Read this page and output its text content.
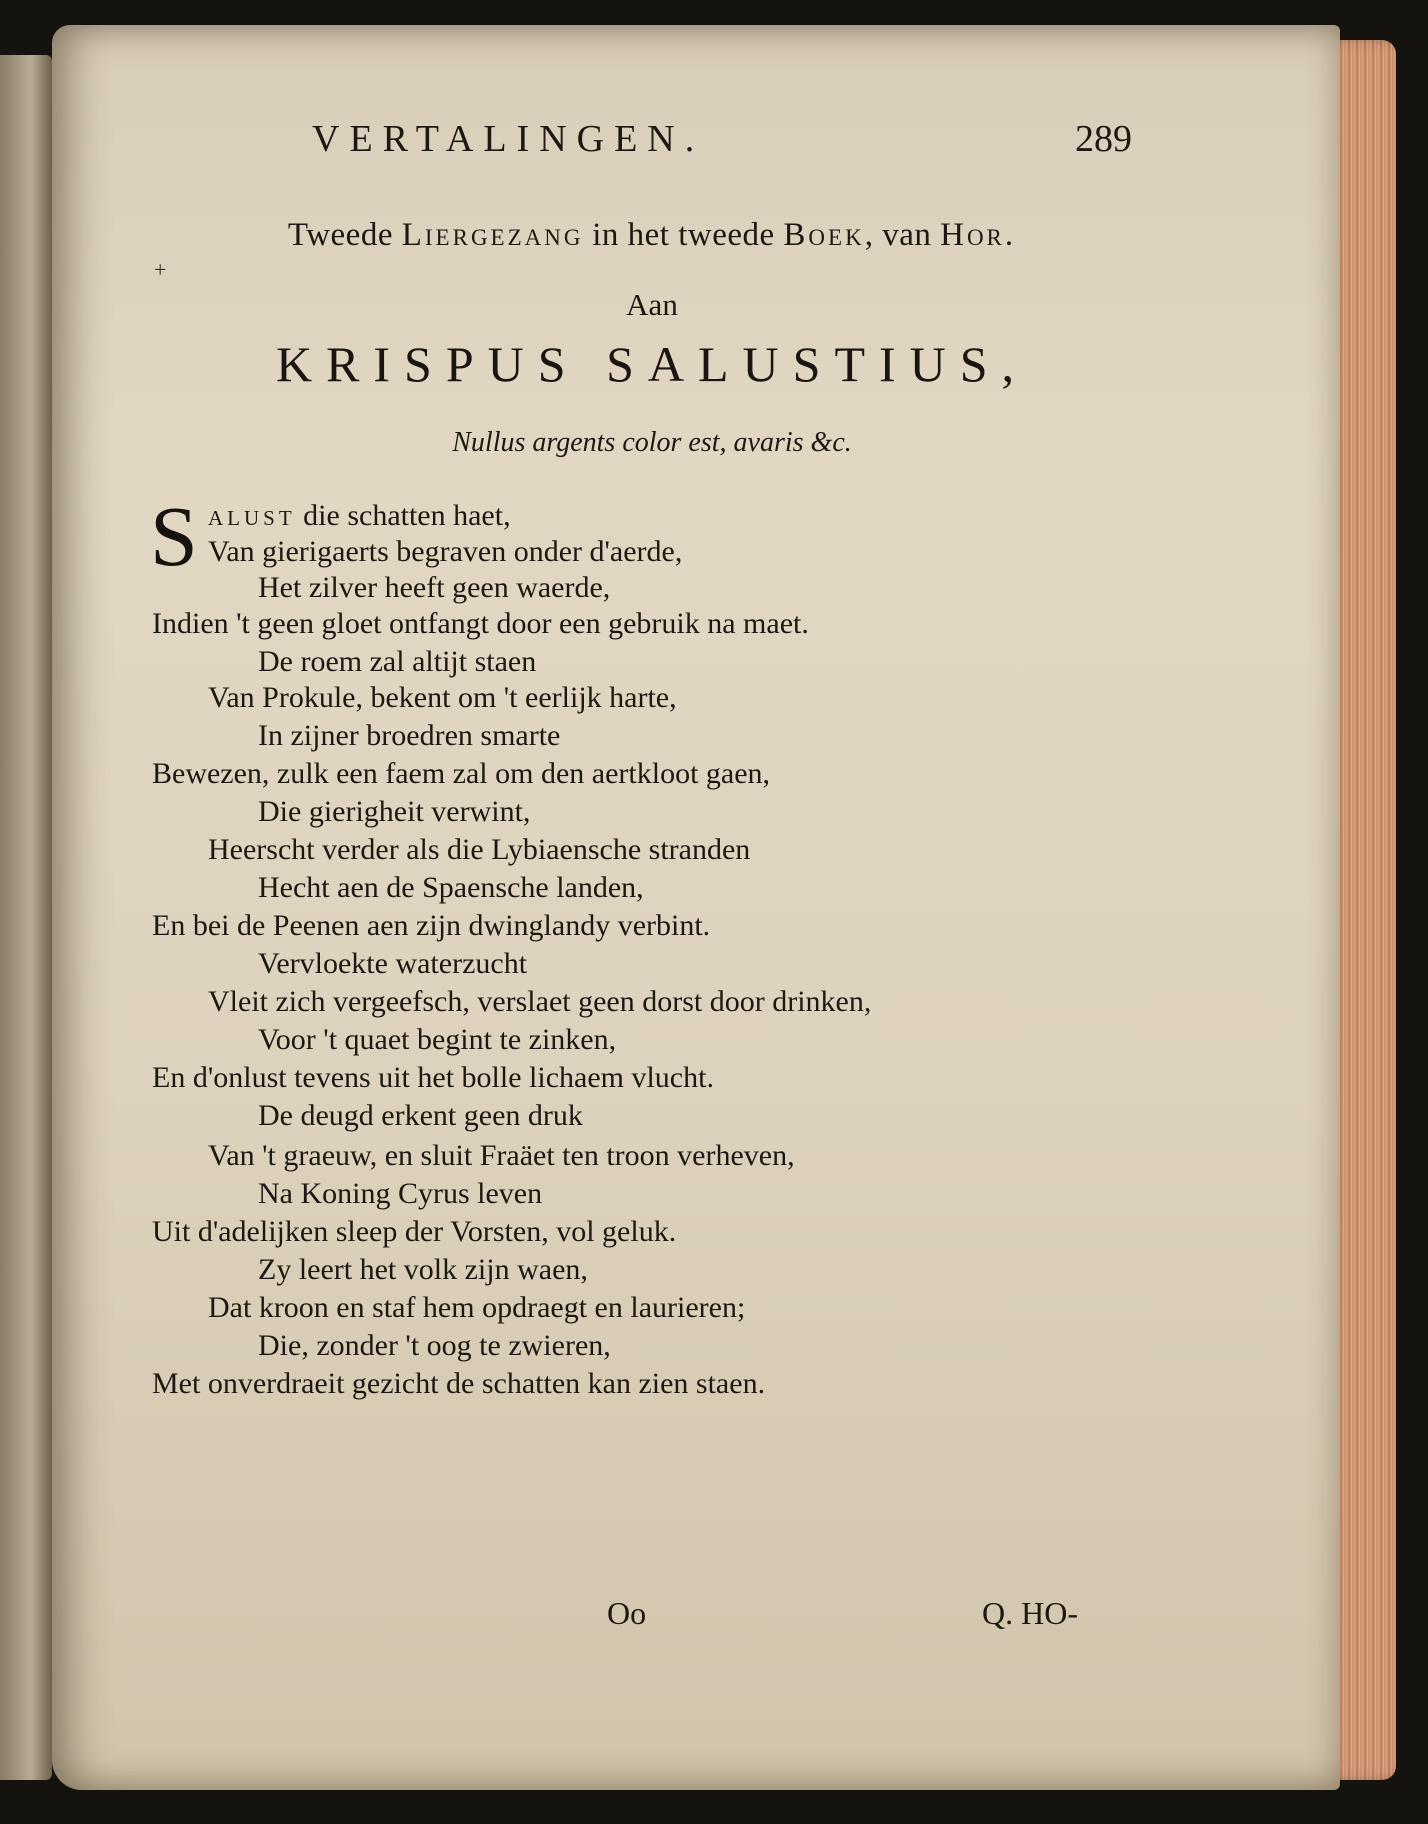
VERTALINGEN.	289
Tweede Liergezang in het tweede Boek, van Hor.
+
Aan
KRISPUS SALUSTIUS,
Nullus argents color est, avaris &c.
S alust die schatten haet,
Van gierigaerts begraven onder d'aerde,
Het zilver heeft geen waerde,
Indien 't geen gloet ontfangt door een gebruik na maet.
De roem zal altijt staen
Van Prokule, bekent om 't eerlijk harte,
In zijner broedren smarte
Bewezen, zulk een faem zal om den aertkloot gaen,
Die gierigheit verwint,
Heerscht verder als die Lybiaensche stranden
Hecht aen de Spaensche landen,
En bei de Peenen aen zijn dwinglandy verbint.
Vervloekte waterzucht
Vleit zich vergeefsch, verslaet geen dorst door drinken,
Voor 't quaet begint te zinken,
En d'onlust tevens uit het bolle lichaem vlucht.
De deugd erkent geen druk
Van 't graeuw, en sluit Fraäet ten troon verheven,
Na Koning Cyrus leven
Uit d'adelijken sleep der Vorsten, vol geluk.
Zy leert het volk zijn waen,
Dat kroon en staf hem opdraegt en laurieren;
Die, zonder 't oog te zwieren,
Met onverdraeit gezicht de schatten kan zien staen.
Oo	Q. HO-
